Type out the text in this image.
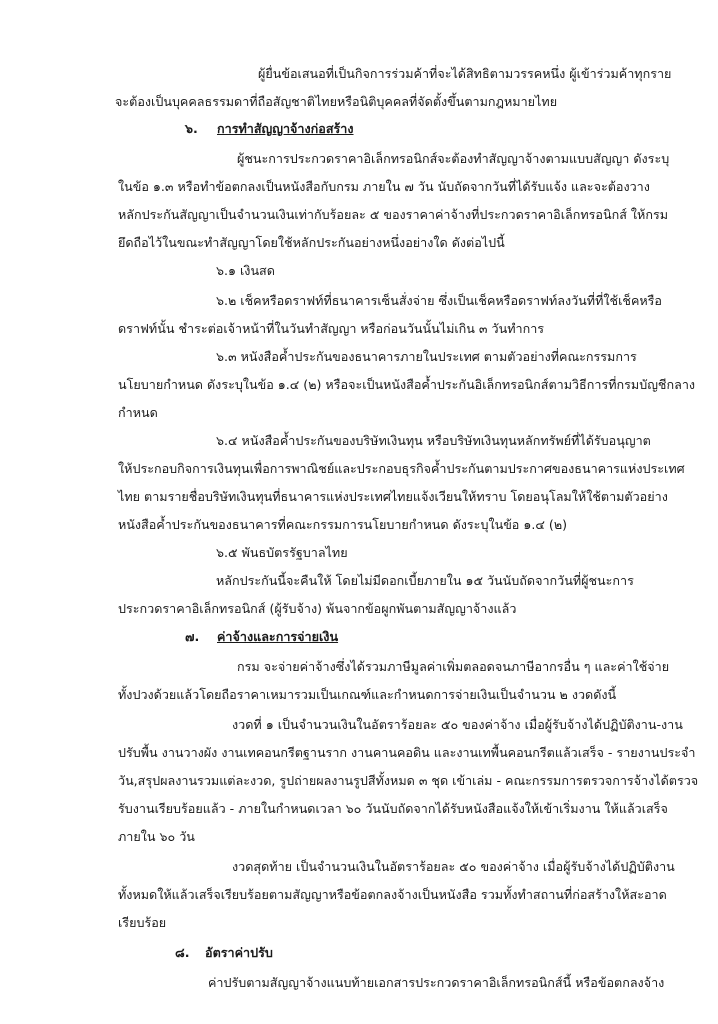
ผู้ยื่นข้อเสนอที่เป็นกิจการร่วมค้าที่จะได้สิทธิตามวรรคหนึ่ง ผู้เข้าร่วมค้าทุกราย
จะต้องเป็นบุคคลธรรมดาที่ถือสัญชาติไทยหรือนิติบุคคลที่จัดตั้งขึ้นตามกฎหมายไทย
๖. การทำสัญญาจ้างก่อสร้าง
ผู้ชนะการประกวดราคาอิเล็กทรอนิกส์จะต้องทำสัญญาจ้างตามแบบสัญญา ดังระบุ
ในข้อ ๑.๓ หรือทำข้อตกลงเป็นหนังสือกับกรม ภายใน ๗ วัน นับถัดจากวันที่ได้รับแจ้ง และจะต้องวาง
หลักประกันสัญญาเป็นจำนวนเงินเท่ากับร้อยละ ๕ ของราคาค่าจ้างที่ประกวดราคาอิเล็กทรอนิกส์ ให้กรม
ยึดถือไว้ในขณะทำสัญญาโดยใช้หลักประกันอย่างหนึ่งอย่างใด ดังต่อไปนี้
๖.๑ เงินสด
๖.๒ เช็คหรือดราฟท์ที่ธนาคารเซ็นสั่งจ่าย ซึ่งเป็นเช็คหรือดราฟท์ลงวันที่ที่ใช้เช็คหรือ
ดราฟท์นั้น ชำระต่อเจ้าหน้าที่ในวันทำสัญญา หรือก่อนวันนั้นไม่เกิน ๓ วันทำการ
๖.๓ หนังสือค้ำประกันของธนาคารภายในประเทศ ตามตัวอย่างที่คณะกรรมการ
นโยบายกำหนด ดังระบุในข้อ ๑.๔ (๒) หรือจะเป็นหนังสือค้ำประกันอิเล็กทรอนิกส์ตามวิธีการที่กรมบัญชีกลาง
กำหนด
๖.๔ หนังสือค้ำประกันของบริษัทเงินทุน หรือบริษัทเงินทุนหลักทรัพย์ที่ได้รับอนุญาต
ให้ประกอบกิจการเงินทุนเพื่อการพาณิชย์และประกอบธุรกิจค้ำประกันตามประกาศของธนาคารแห่งประเทศ
ไทย ตามรายชื่อบริษัทเงินทุนที่ธนาคารแห่งประเทศไทยแจ้งเวียนให้ทราบ โดยอนุโลมให้ใช้ตามตัวอย่าง
หนังสือค้ำประกันของธนาคารที่คณะกรรมการนโยบายกำหนด ดังระบุในข้อ ๑.๔ (๒)
๖.๕ พันธบัตรรัฐบาลไทย
หลักประกันนี้จะคืนให้ โดยไม่มีดอกเบี้ยภายใน ๑๕ วันนับถัดจากวันที่ผู้ชนะการ
ประกวดราคาอิเล็กทรอนิกส์ (ผู้รับจ้าง) พ้นจากข้อผูกพันตามสัญญาจ้างแล้ว
๗. ค่าจ้างและการจ่ายเงิน
กรม จะจ่ายค่าจ้างซึ่งได้รวมภาษีมูลค่าเพิ่มตลอดจนภาษีอากรอื่น ๆ และค่าใช้จ่าย
ทั้งปวงด้วยแล้วโดยถือราคาเหมารวมเป็นเกณฑ์และกำหนดการจ่ายเงินเป็นจำนวน ๒ งวดดังนี้
งวดที่ ๑ เป็นจำนวนเงินในอัตราร้อยละ ๕๐ ของค่าจ้าง เมื่อผู้รับจ้างได้ปฏิบัติงาน-งาน
ปรับพื้น งานวางผัง งานเทคอนกรีตฐานราก งานคานคอดิน และงานเทพื้นคอนกรีตแล้วเสร็จ - รายงานประจำ
วัน,สรุปผลงานรวมแต่ละงวด, รูปถ่ายผลงานรูปสีทั้งหมด ๓ ชุด เข้าเล่ม - คณะกรรมการตรวจการจ้างได้ตรวจ
รับงานเรียบร้อยแล้ว - ภายในกำหนดเวลา ๖๐ วันนับถัดจากได้รับหนังสือแจ้งให้เข้าเริ่มงาน ให้แล้วเสร็จ
ภายใน ๖๐ วัน
งวดสุดท้าย เป็นจำนวนเงินในอัตราร้อยละ ๕๐ ของค่าจ้าง เมื่อผู้รับจ้างได้ปฏิบัติงาน
ทั้งหมดให้แล้วเสร็จเรียบร้อยตามสัญญาหรือข้อตกลงจ้างเป็นหนังสือ รวมทั้งทำสถานที่ก่อสร้างให้สะอาด
เรียบร้อย
๘. อัตราค่าปรับ
ค่าปรับตามสัญญาจ้างแนบท้ายเอกสารประกวดราคาอิเล็กทรอนิกส์นี้ หรือข้อตกลงจ้าง
